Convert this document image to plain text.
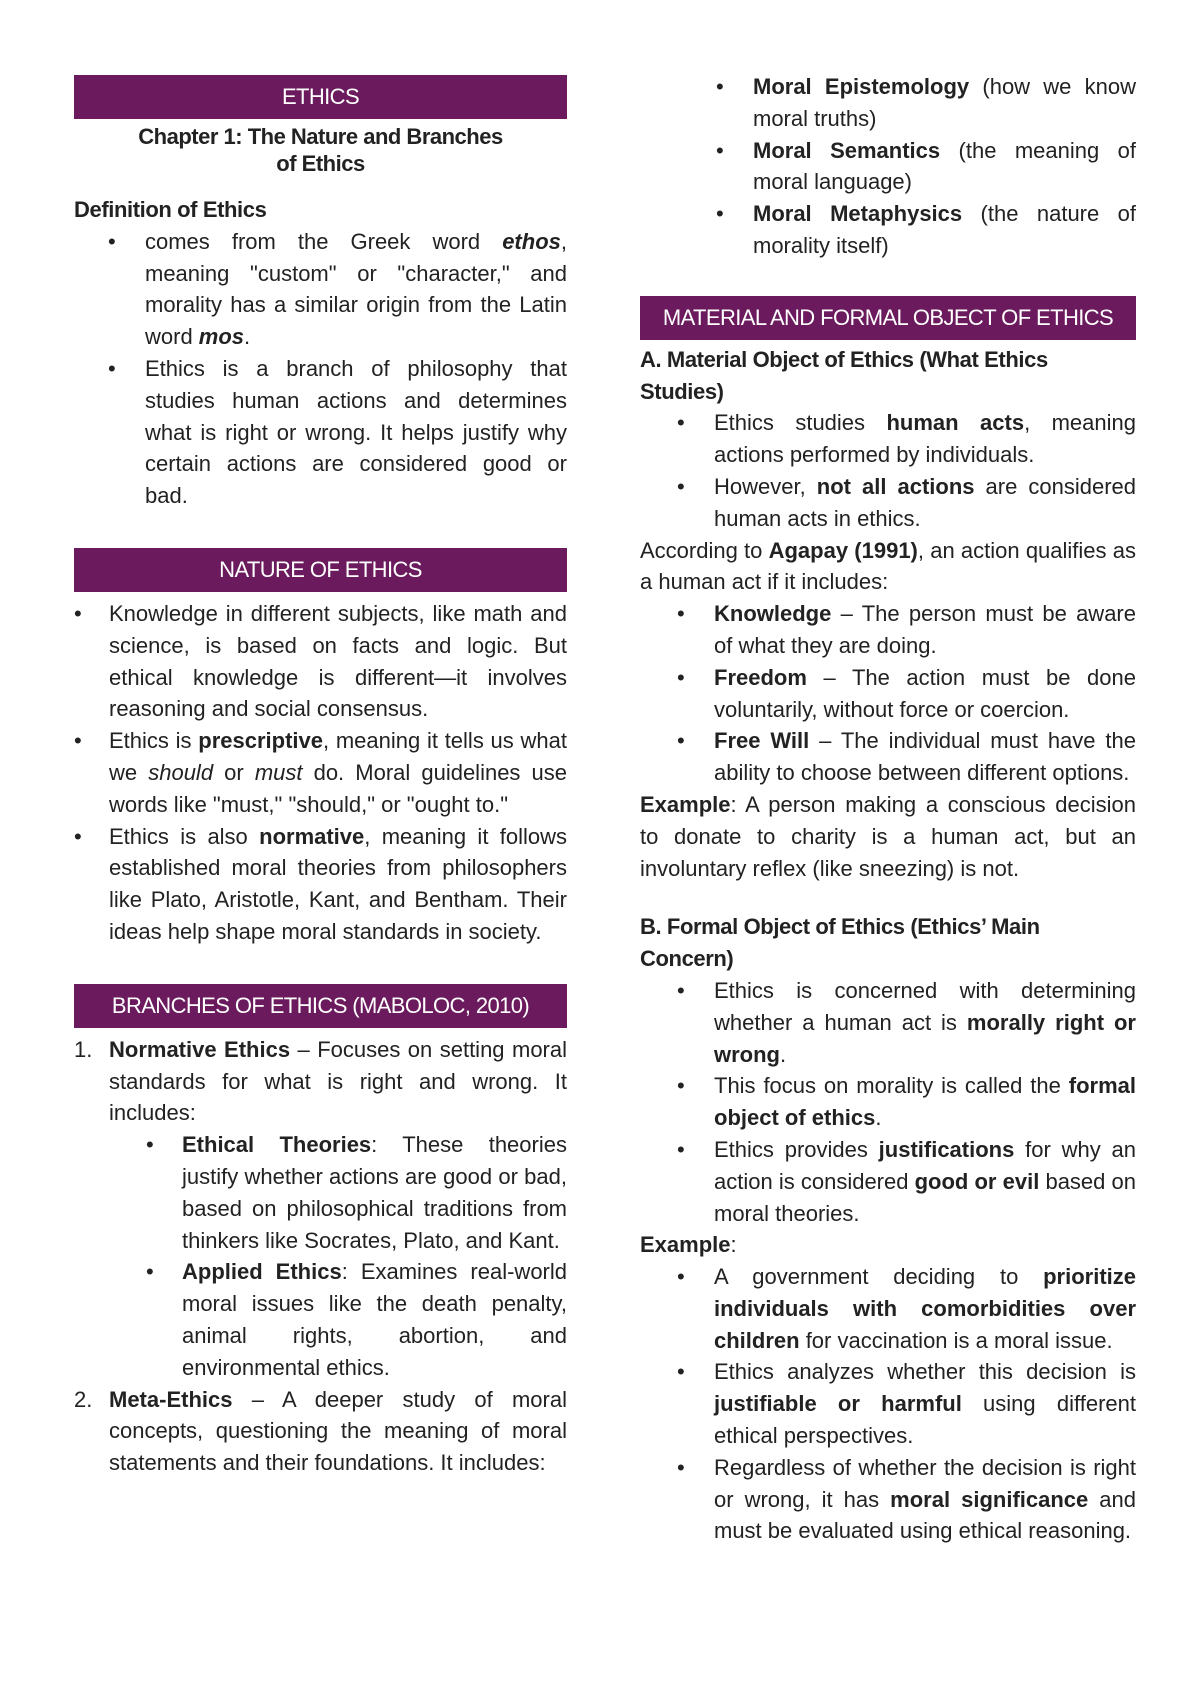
ETHICS
Chapter 1: The Nature and Branches
of Ethics
Definition of Ethics
• comes from the Greek word ethos, meaning "custom" or "character," and morality has a similar origin from the Latin word mos.
• Ethics is a branch of philosophy that studies human actions and determines what is right or wrong. It helps justify why certain actions are considered good or bad.
NATURE OF ETHICS
• Knowledge in different subjects, like math and science, is based on facts and logic. But ethical knowledge is different—it involves reasoning and social consensus.
• Ethics is prescriptive, meaning it tells us what we should or must do. Moral guidelines use words like "must," "should," or "ought to."
• Ethics is also normative, meaning it follows established moral theories from philosophers like Plato, Aristotle, Kant, and Bentham. Their ideas help shape moral standards in society.
BRANCHES OF ETHICS (MABOLOC, 2010)
1. Normative Ethics – Focuses on setting moral standards for what is right and wrong. It includes:
• Ethical Theories: These theories justify whether actions are good or bad, based on philosophical traditions from thinkers like Socrates, Plato, and Kant.
• Applied Ethics: Examines real-world moral issues like the death penalty, animal rights, abortion, and environmental ethics.
2. Meta-Ethics – A deeper study of moral concepts, questioning the meaning of moral statements and their foundations. It includes:
• Moral Epistemology (how we know moral truths)
• Moral Semantics (the meaning of moral language)
• Moral Metaphysics (the nature of morality itself)
MATERIAL AND FORMAL OBJECT OF ETHICS
A. Material Object of Ethics (What Ethics Studies)
• Ethics studies human acts, meaning actions performed by individuals.
• However, not all actions are considered human acts in ethics.
According to Agapay (1991), an action qualifies as a human act if it includes:
• Knowledge – The person must be aware of what they are doing.
• Freedom – The action must be done voluntarily, without force or coercion.
• Free Will – The individual must have the ability to choose between different options.
Example: A person making a conscious decision to donate to charity is a human act, but an involuntary reflex (like sneezing) is not.
B. Formal Object of Ethics (Ethics’ Main Concern)
• Ethics is concerned with determining whether a human act is morally right or wrong.
• This focus on morality is called the formal object of ethics.
• Ethics provides justifications for why an action is considered good or evil based on moral theories.
Example:
• A government deciding to prioritize individuals with comorbidities over children for vaccination is a moral issue.
• Ethics analyzes whether this decision is justifiable or harmful using different ethical perspectives.
• Regardless of whether the decision is right or wrong, it has moral significance and must be evaluated using ethical reasoning.
